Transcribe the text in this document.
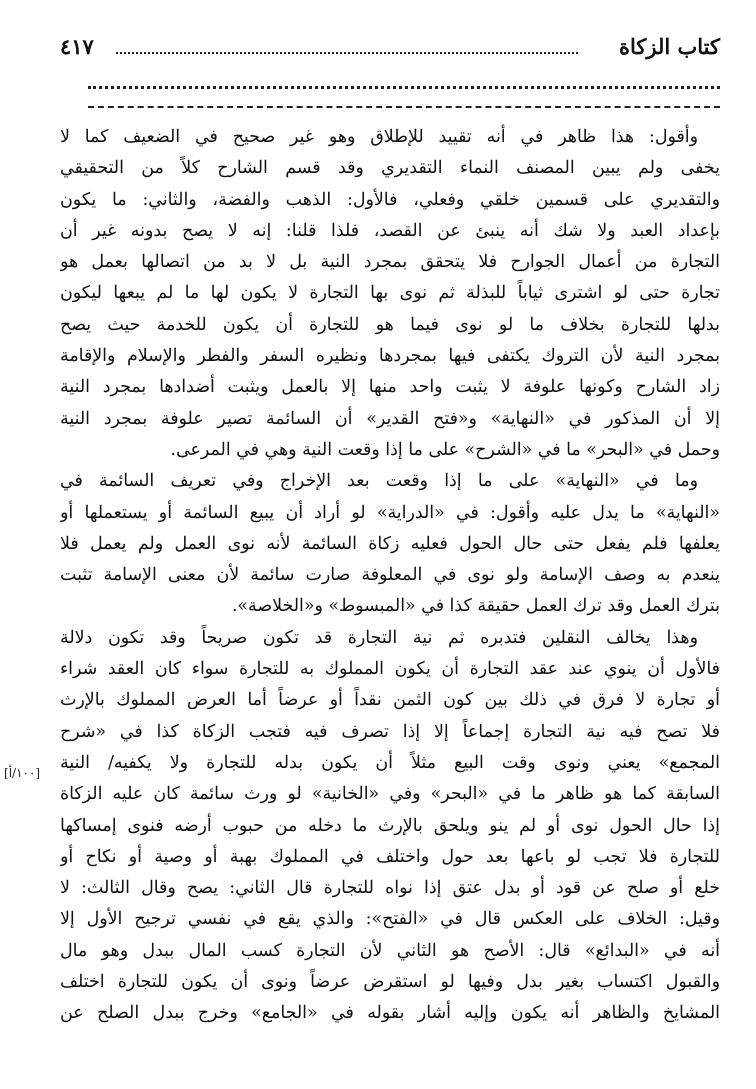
كتاب الزكاة
٤١٧
[١٠٠/أ]
وأقول: هذا ظاهر في أنه تقييد للإطلاق وهو غير صحيح في الضعيف كما لا
يخفى ولم يبين المصنف النماء التقديري وقد قسم الشارح كلاً من التحقيقي
والتقديري على قسمين خلقي وفعلي، فالأول: الذهب والفضة، والثاني: ما يكون
بإعداد العبد ولا شك أنه ينبئ عن القصد، فلذا قلنا: إنه لا يصح بدونه غير أن
التجارة من أعمال الجوارح فلا يتحقق بمجرد النية بل لا بد من اتصالها بعمل هو
تجارة حتى لو اشترى ثياباً للبذلة ثم نوى بها التجارة لا يكون لها ما لم يبعها ليكون
بدلها للتجارة بخلاف ما لو نوى فيما هو للتجارة أن يكون للخدمة حيث يصح
بمجرد النية لأن التروك يكتفى فيها بمجردها ونظيره السفر والفطر والإسلام والإقامة
زاد الشارح وكونها علوفة لا يثبت واحد منها إلا بالعمل ويثبت أضدادها بمجرد النية
إلا أن المذكور في «النهاية» و«فتح القدير» أن السائمة تصير علوفة بمجرد النية
وحمل في «البحر» ما في «الشرح» على ما إذا وقعت النية وهي في المرعى.
وما في «النهاية» على ما إذا وقعت بعد الإخراج وفي تعريف السائمة في
«النهاية» ما يدل عليه وأقول: في «الدراية» لو أراد أن يبيع السائمة أو يستعملها أو
يعلفها فلم يفعل حتى حال الحول فعليه زكاة السائمة لأنه نوى العمل ولم يعمل فلا
ينعدم به وصف الإسامة ولو نوى في المعلوفة صارت سائمة لأن معنى الإسامة تثبت
بترك العمل وقد ترك العمل حقيقة كذا في «المبسوط» و«الخلاصة».
وهذا يخالف النقلين فتدبره ثم نية التجارة قد تكون صريحاً وقد تكون دلالة
فالأول أن ينوي عند عقد التجارة أن يكون المملوك به للتجارة سواء كان العقد شراء
أو تجارة لا فرق في ذلك بين كون الثمن نقداً أو عرضاً أما العرض المملوك بالإرث
فلا تصح فيه نية التجارة إجماعاً إلا إذا تصرف فيه فتجب الزكاة كذا في «شرح
المجمع» يعني ونوى وقت البيع مثلاً أن يكون بدله للتجارة ولا يكفيه/ النية
السابقة كما هو ظاهر ما في «البحر» وفي «الخانية» لو ورث سائمة كان عليه الزكاة
إذا حال الحول نوى أو لم ينو ويلحق بالإرث ما دخله من حبوب أرضه فنوى إمساكها
للتجارة فلا تجب لو باعها بعد حول واختلف في المملوك بهبة أو وصية أو نكاح أو
خلع أو صلح عن قود أو بدل عتق إذا نواه للتجارة قال الثاني: يصح وقال الثالث: لا
وقيل: الخلاف على العكس قال في «الفتح»: والذي يقع في نفسي ترجيح الأول إلا
أنه في «البدائع» قال: الأصح هو الثاني لأن التجارة كسب المال ببدل وهو مال
والقبول اكتساب بغير بدل وفيها لو استقرض عرضاً ونوى أن يكون للتجارة اختلف
المشايخ والظاهر أنه يكون وإليه أشار بقوله في «الجامع» وخرج ببدل الصلح عن
